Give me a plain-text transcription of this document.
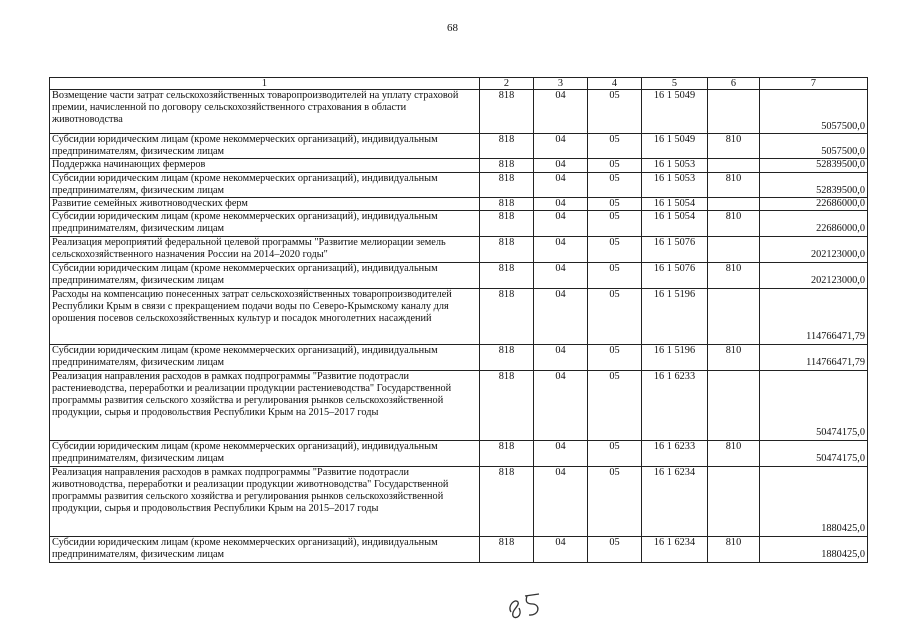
68
1	2	3	4	5	6	7
Возмещение части затрат сельскохозяйственных товаропроизводителей на уплату страховой премии, начисленной по договору сельскохозяйственного страхования в области животноводства	818	04	05	16 1 5049		5057500,0
Субсидии юридическим лицам (кроме некоммерческих организаций), индивидуальным предпринимателям, физическим лицам	818	04	05	16 1 5049	810	5057500,0
Поддержка начинающих фермеров	818	04	05	16 1 5053		52839500,0
Субсидии юридическим лицам (кроме некоммерческих организаций), индивидуальным предпринимателям, физическим лицам	818	04	05	16 1 5053	810	52839500,0
Развитие семейных животноводческих ферм	818	04	05	16 1 5054		22686000,0
Субсидии юридическим лицам (кроме некоммерческих организаций), индивидуальным предпринимателям, физическим лицам	818	04	05	16 1 5054	810	22686000,0
Реализация мероприятий федеральной целевой программы "Развитие мелиорации земель сельскохозяйственного назначения России на 2014–2020 годы"	818	04	05	16 1 5076		202123000,0
Субсидии юридическим лицам (кроме некоммерческих организаций), индивидуальным предпринимателям, физическим лицам	818	04	05	16 1 5076	810	202123000,0
Расходы на компенсацию понесенных затрат сельскохозяйственных товаропроизводителей Республики Крым в связи с прекращением подачи воды по Северо-Крымскому каналу для орошения посевов сельскохозяйственных культур и посадок многолетних насаждений	818	04	05	16 1 5196		114766471,79
Субсидии юридическим лицам (кроме некоммерческих организаций), индивидуальным предпринимателям, физическим лицам	818	04	05	16 1 5196	810	114766471,79
Реализация направления расходов в рамках подпрограммы "Развитие подотрасли растениеводства, переработки и реализации продукции растениеводства" Государственной программы развития сельского хозяйства и регулирования рынков сельскохозяйственной продукции, сырья и продовольствия Республики Крым на 2015–2017 годы	818	04	05	16 1 6233		50474175,0
Субсидии юридическим лицам (кроме некоммерческих организаций), индивидуальным предпринимателям, физическим лицам	818	04	05	16 1 6233	810	50474175,0
Реализация направления расходов в рамках подпрограммы "Развитие подотрасли животноводства, переработки и реализации продукции животноводства" Государственной программы развития сельского хозяйства и регулирования рынков сельскохозяйственной продукции, сырья и продовольствия Республики Крым на 2015–2017 годы	818	04	05	16 1 6234		1880425,0
Субсидии юридическим лицам (кроме некоммерческих организаций), индивидуальным предпринимателям, физическим лицам	818	04	05	16 1 6234	810	1880425,0
